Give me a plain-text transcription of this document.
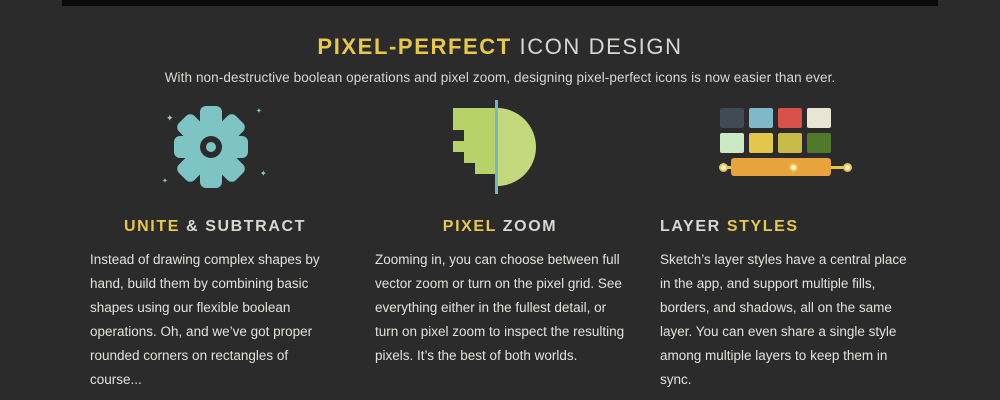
PIXEL-PERFECT ICON DESIGN

With non-destructive boolean operations and pixel zoom, designing pixel-perfect icons is now easier than ever.

✦
✦
✦
✦
UNITE & SUBTRACT

Instead of drawing complex shapes by hand, build them by combining basic shapes using our flexible boolean operations. Oh, and we’ve got proper rounded corners on rectangles of course...

PIXEL ZOOM

Zooming in, you can choose between full vector zoom or turn on the pixel grid. See everything either in the fullest detail, or turn on pixel zoom to inspect the resulting pixels. It’s the best of both worlds.

LAYER STYLES

Sketch’s layer styles have a central place in the app, and support multiple fills, borders, and shadows, all on the same layer. You can even share a single style among multiple layers to keep them in sync.
